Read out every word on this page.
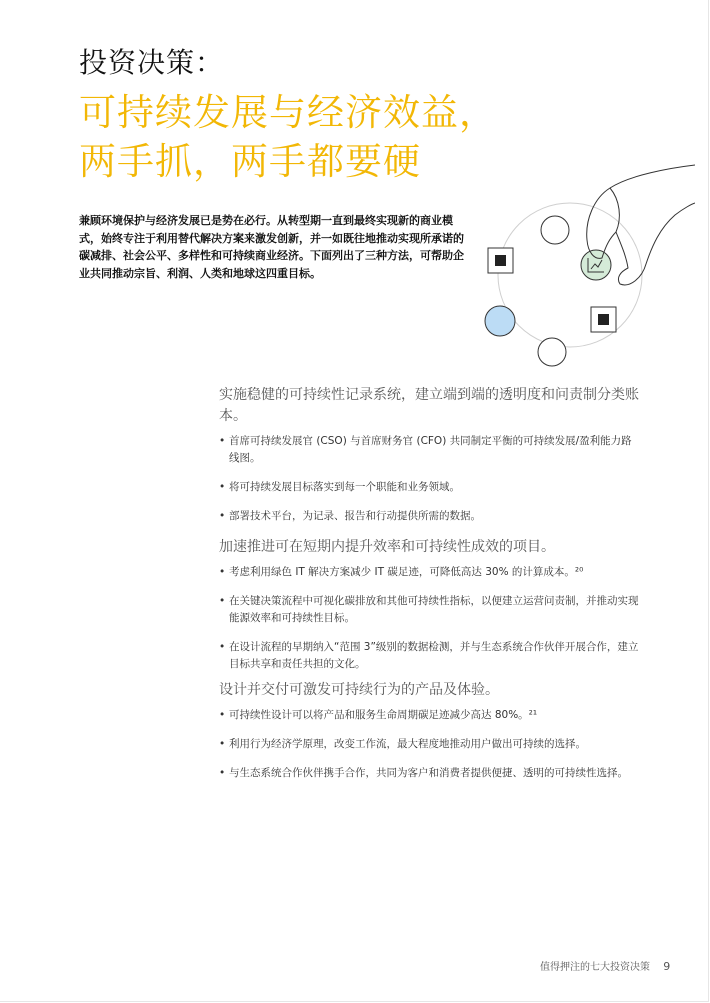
投资决策：
可持续发展与经济效益，
两手抓，两手都要硬
兼顾环境保护与经济发展已是势在必行。从转型期一直到最终实现新的商业模式，始终专注于利用替代解决方案来激发创新，并一如既往地推动实现所承诺的碳减排、社会公平、多样性和可持续商业经济。下面列出了三种方法，可帮助企业共同推动宗旨、利润、人类和地球这四重目标。

实施稳健的可持续性记录系统，建立端到端的透明度和问责制分类账本。

• 首席可持续发展官 (CSO) 与首席财务官 (CFO) 共同制定平衡的可持续发展/盈利能力路线图。
• 将可持续发展目标落实到每一个职能和业务领域。
• 部署技术平台，为记录、报告和行动提供所需的数据。

加速推进可在短期内提升效率和可持续性成效的项目。

• 考虑利用绿色 IT 解决方案减少 IT 碳足迹，可降低高达 30% 的计算成本。²⁰
• 在关键决策流程中可视化碳排放和其他可持续性指标，以便建立运营问责制，并推动实现能源效率和可持续性目标。
• 在设计流程的早期纳入“范围 3”级别的数据检测，并与生态系统合作伙伴开展合作，建立目标共享和责任共担的文化。

设计并交付可激发可持续行为的产品及体验。

• 可持续性设计可以将产品和服务生命周期碳足迹减少高达 80%。²¹
• 利用行为经济学原理，改变工作流，最大程度地推动用户做出可持续的选择。
• 与生态系统合作伙伴携手合作，共同为客户和消费者提供便捷、透明的可持续性选择。
值得押注的七大投资决策 9
